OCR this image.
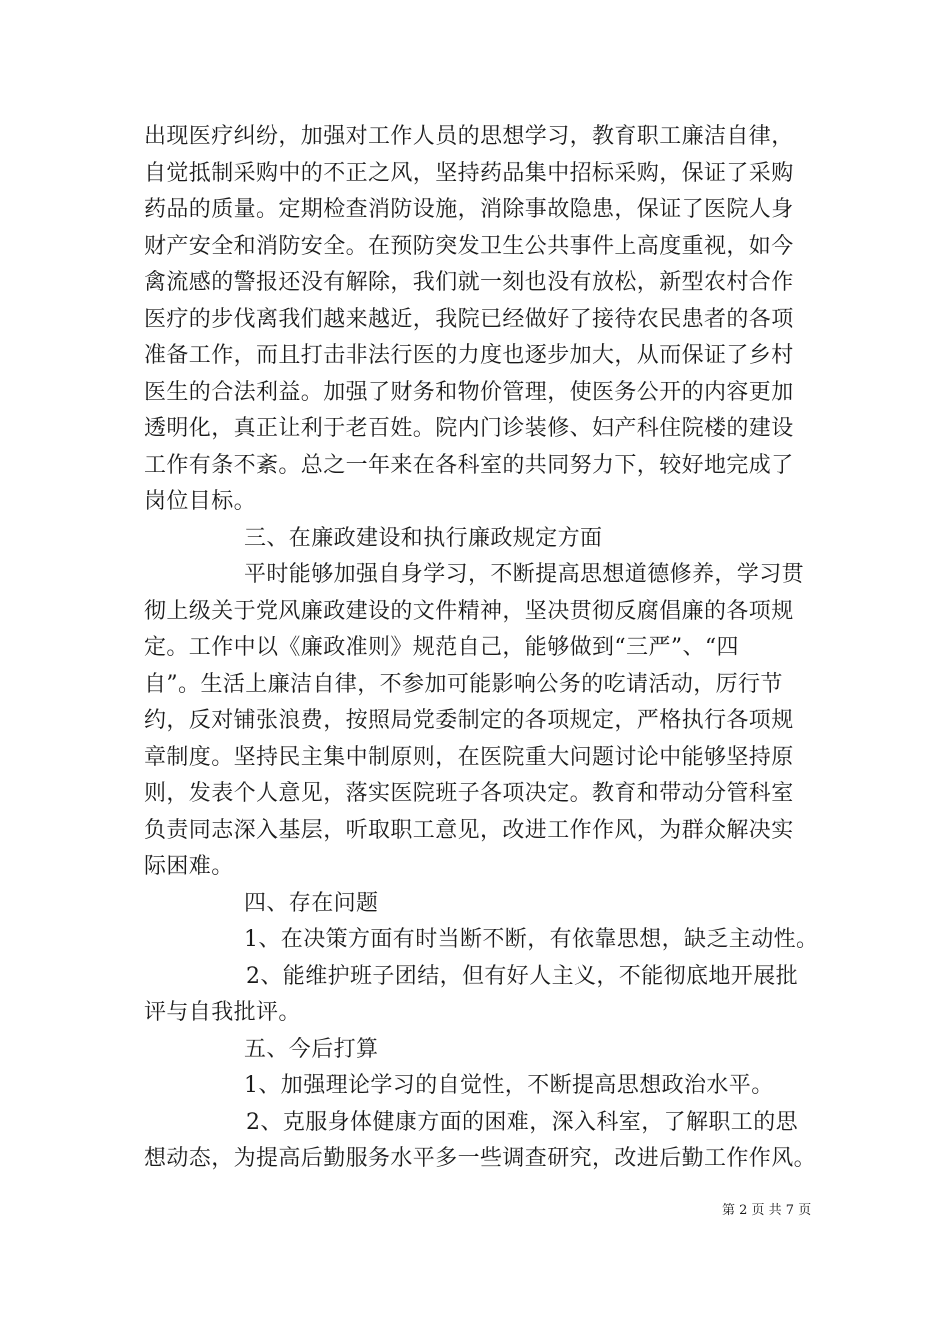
出现医疗纠纷，加强对工作人员的思想学习，教育职工廉洁自律，
自觉抵制采购中的不正之风，坚持药品集中招标采购，保证了采购
药品的质量。定期检查消防设施，消除事故隐患，保证了医院人身
财产安全和消防安全。在预防突发卫生公共事件上高度重视，如今
禽流感的警报还没有解除，我们就一刻也没有放松，新型农村合作
医疗的步伐离我们越来越近，我院已经做好了接待农民患者的各项
准备工作，而且打击非法行医的力度也逐步加大，从而保证了乡村
医生的合法利益。加强了财务和物价管理，使医务公开的内容更加
透明化，真正让利于老百姓。院内门诊装修、妇产科住院楼的建设
工作有条不紊。总之一年来在各科室的共同努力下，较好地完成了
岗位目标。
三、在廉政建设和执行廉政规定方面
平时能够加强自身学习，不断提高思想道德修养，学习贯
彻上级关于党风廉政建设的文件精神，坚决贯彻反腐倡廉的各项规
定。工作中以《廉政准则》规范自己，能够做到“三严”、“四
自”。生活上廉洁自律，不参加可能影响公务的吃请活动，厉行节
约，反对铺张浪费，按照局党委制定的各项规定，严格执行各项规
章制度。坚持民主集中制原则，在医院重大问题讨论中能够坚持原
则，发表个人意见，落实医院班子各项决定。教育和带动分管科室
负责同志深入基层，听取职工意见，改进工作作风，为群众解决实
际困难。
四、存在问题
1、在决策方面有时当断不断，有依靠思想，缺乏主动性。
2、能维护班子团结，但有好人主义，不能彻底地开展批
评与自我批评。
五、今后打算
1、加强理论学习的自觉性，不断提高思想政治水平。
2、克服身体健康方面的困难，深入科室，了解职工的思
想动态，为提高后勤服务水平多一些调查研究，改进后勤工作作风。
第 2 页 共 7 页
